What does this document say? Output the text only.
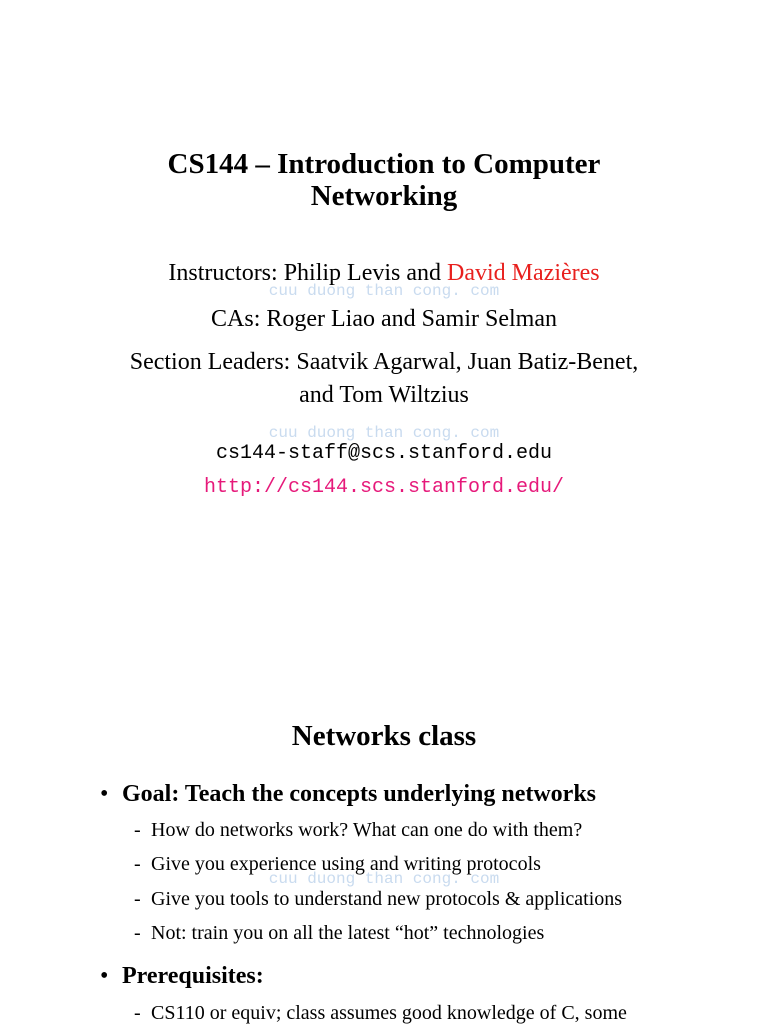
CS144 – Introduction to Computer
Networking
Instructors: Philip Levis and David Mazières
cuu duong than cong. com
CAs: Roger Liao and Samir Selman
Section Leaders: Saatvik Agarwal, Juan Batiz-Benet,
and Tom Wiltzius
cuu duong than cong. com
cs144-staff@scs.stanford.edu
http://cs144.scs.stanford.edu/
Networks class
• Goal: Teach the concepts underlying networks
- How do networks work? What can one do with them?
- Give you experience using and writing protocols
cuu duong than cong. com
- Give you tools to understand new protocols & applications
- Not: train you on all the latest “hot” technologies
• Prerequisites:
- CS110 or equiv; class assumes good knowledge of C, some
